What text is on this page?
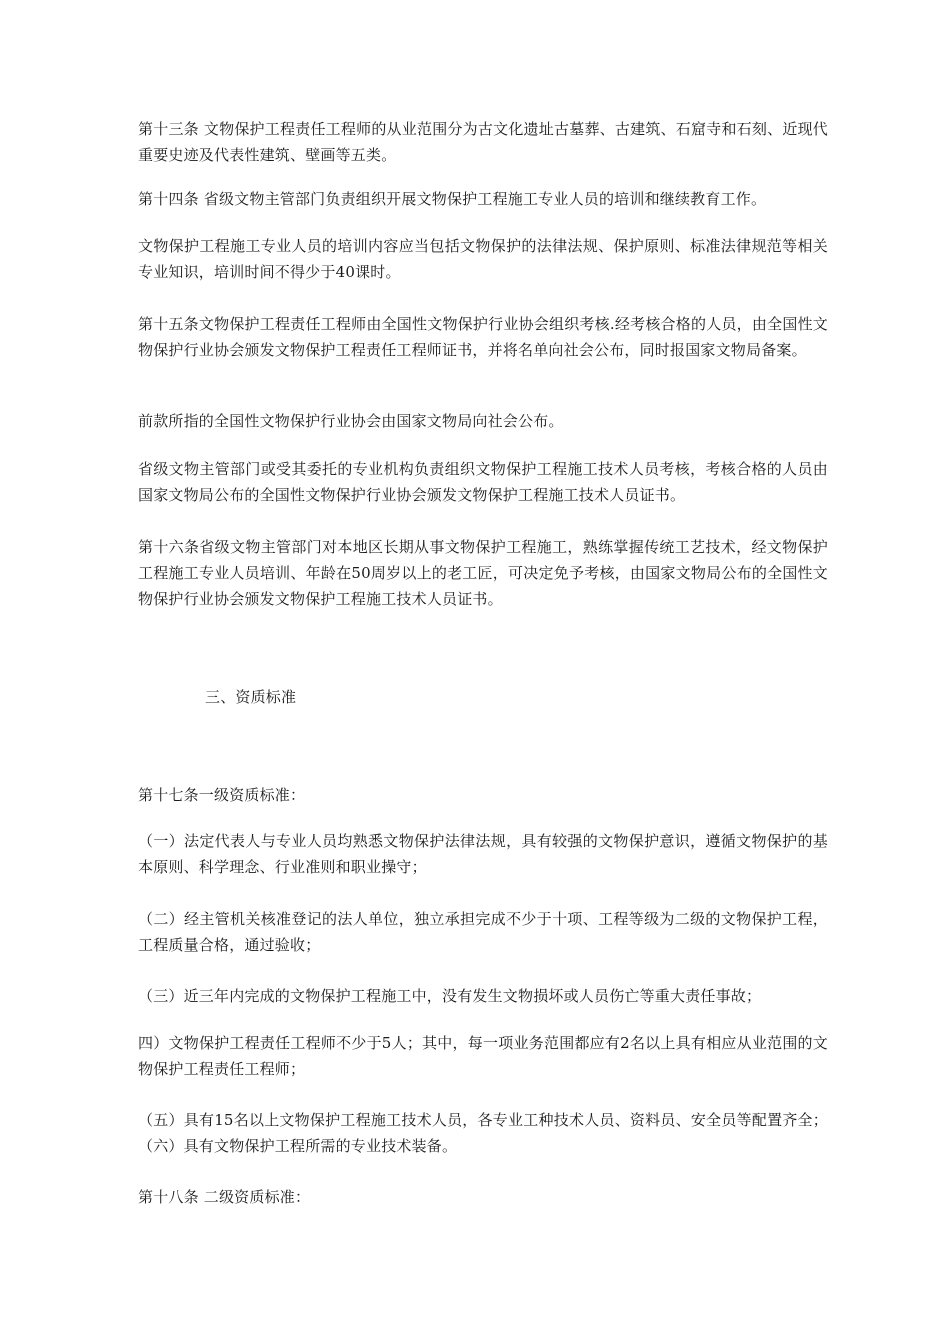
第十三条 文物保护工程责任工程师的从业范围分为古文化遗址古墓葬、古建筑、石窟寺和石刻、近现代重要史迹及代表性建筑、壁画等五类。

第十四条 省级文物主管部门负责组织开展文物保护工程施工专业人员的培训和继续教育工作。

文物保护工程施工专业人员的培训内容应当包括文物保护的法律法规、保护原则、标准法律规范等相关专业知识，培训时间不得少于40课时。

第十五条文物保护工程责任工程师由全国性文物保护行业协会组织考核.经考核合格的人员，由全国性文物保护行业协会颁发文物保护工程责任工程师证书，并将名单向社会公布，同时报国家文物局备案。

前款所指的全国性文物保护行业协会由国家文物局向社会公布。

省级文物主管部门或受其委托的专业机构负责组织文物保护工程施工技术人员考核，考核合格的人员由国家文物局公布的全国性文物保护行业协会颁发文物保护工程施工技术人员证书。

第十六条省级文物主管部门对本地区长期从事文物保护工程施工，熟练掌握传统工艺技术，经文物保护工程施工专业人员培训、年龄在50周岁以上的老工匠，可决定免予考核，由国家文物局公布的全国性文物保护行业协会颁发文物保护工程施工技术人员证书。

三、资质标准

第十七条一级资质标准：

（一）法定代表人与专业人员均熟悉文物保护法律法规，具有较强的文物保护意识，遵循文物保护的基本原则、科学理念、行业准则和职业操守；

（二）经主管机关核准登记的法人单位，独立承担完成不少于十项、工程等级为二级的文物保护工程，工程质量合格，通过验收；

（三）近三年内完成的文物保护工程施工中，没有发生文物损坏或人员伤亡等重大责任事故；

四）文物保护工程责任工程师不少于5人；其中，每一项业务范围都应有2名以上具有相应从业范围的文物保护工程责任工程师；

（五）具有15名以上文物保护工程施工技术人员，各专业工种技术人员、资料员、安全员等配置齐全；（六）具有文物保护工程所需的专业技术装备。

第十八条 二级资质标准：
